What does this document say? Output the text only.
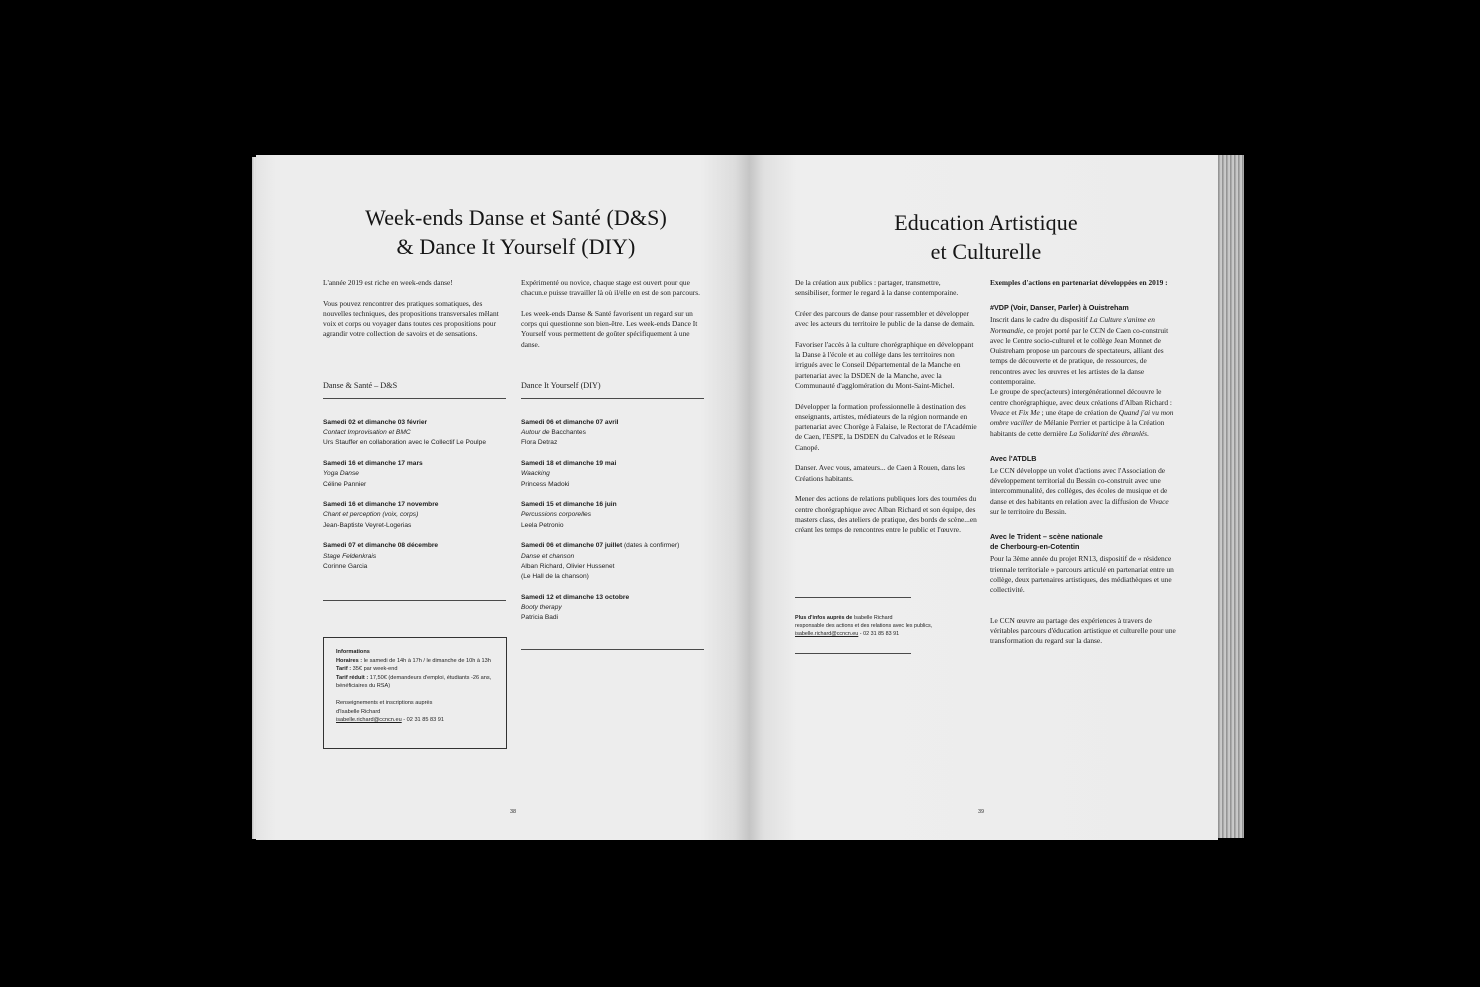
Week-ends Danse et Santé (D&S)
& Dance It Yourself (DIY)

L'année 2019 est riche en week-ends danse!

Vous pouvez rencontrer des pratiques somatiques, des nouvelles techniques, des propositions transversales mêlant voix et corps ou voyager dans toutes ces propositions pour agrandir votre collection de savoirs et de sensations.

Expérimenté ou novice, chaque stage est ouvert pour que chacun.e puisse travailler là où il/elle en est de son parcours.

Les week-ends Danse & Santé favorisent un regard sur un corps qui questionne son bien-être. Les week-ends Dance It Yourself vous permettent de goûter spécifiquement à une danse.

Danse & Santé – D&S
Samedi 02 et dimanche 03 février
Contact Improvisation et BMC
Urs Stauffer en collaboration avec le Collectif Le Poulpe
Samedi 16 et dimanche 17 mars
Yoga Danse
Céline Pannier
Samedi 16 et dimanche 17 novembre
Chant et perception (voix, corps)
Jean-Baptiste Veyret-Logerias
Samedi 07 et dimanche 08 décembre
Stage Feldenkrais
Corinne Garcia
Informations
Horaires : le samedi de 14h à 17h / le dimanche de 10h à 13h
Tarif : 35€ par week-end
Tarif réduit : 17,50€ (demandeurs d'emploi, étudiants -26 ans, bénéficiaires du RSA)
Renseignements et inscriptions auprès
d'Isabelle Richard
isabelle.richard@ccncn.eu - 02 31 85 83 91
Dance It Yourself (DIY)
Samedi 06 et dimanche 07 avril
Autour de Bacchantes
Flora Detraz
Samedi 18 et dimanche 19 mai
Waacking
Princess Madoki
Samedi 15 et dimanche 16 juin
Percussions corporelles
Leela Petronio
Samedi 06 et dimanche 07 juillet (dates à confirmer)
Danse et chanson
Alban Richard, Olivier Hussenet
(Le Hall de la chanson)
Samedi 12 et dimanche 13 octobre
Booty therapy
Patricia Badi
38
Education Artistique
et Culturelle

De la création aux publics : partager, transmettre, sensibiliser, former le regard à la danse contemporaine.

Créer des parcours de danse pour rassembler et développer avec les acteurs du territoire le public de la danse de demain.

Favoriser l'accès à la culture chorégraphique en développant la Danse à l'école et au collège dans les territoires non irrigués avec le Conseil Départemental de la Manche en partenariat avec la DSDEN de la Manche, avec la Communauté d'agglomération du Mont-Saint-Michel.

Développer la formation professionnelle à destination des enseignants, artistes, médiateurs de la région normande en partenariat avec Chorège à Falaise, le Rectorat de l'Académie de Caen, l'ESPE, la DSDEN du Calvados et le Réseau Canopé.

Danser. Avec vous, amateurs... de Caen à Rouen, dans les Créations habitants.

Mener des actions de relations publiques lors des tournées du centre chorégraphique avec Alban Richard et son équipe, des masters class, des ateliers de pratique, des bords de scène...en créant les temps de rencontres entre le public et l'œuvre.

Plus d'infos auprès de Isabelle Richard
responsable des actions et des relations avec les publics,
isabelle.richard@ccncn.eu - 02 31 85 83 91
Exemples d'actions en partenariat développées en 2019 :
#VDP (Voir, Danser, Parler) à Ouistreham

Inscrit dans le cadre du dispositif La Culture s'anime en Normandie, ce projet porté par le CCN de Caen co-construit avec le Centre socio-culturel et le collège Jean Monnet de Ouistreham propose un parcours de spectateurs, alliant des temps de découverte et de pratique, de ressources, de rencontres avec les œuvres et les artistes de la danse contemporaine.

Le groupe de spec(acteurs) intergénérationnel découvre le centre chorégraphique, avec deux créations d'Alban Richard : Vivace et Fix Me ; une étape de création de Quand j'ai vu mon ombre vaciller de Mélanie Perrier et participe à la Création habitants de cette dernière La Solidarité des ébranlés.

Avec l'ATDLB

Le CCN développe un volet d'actions avec l'Association de développement territorial du Bessin co-construit avec une intercommunalité, des collèges, des écoles de musique et de danse et des habitants en relation avec la diffusion de Vivace sur le territoire du Bessin.

Avec le Trident – scène nationale
de Cherbourg-en-Cotentin

Pour la 3ème année du projet RN13, dispositif de « résidence triennale territoriale » parcours articulé en partenariat entre un collège, deux partenaires artistiques, des médiathèques et une collectivité.

Le CCN œuvre au partage des expériences à travers de véritables parcours d'éducation artistique et culturelle pour une transformation du regard sur la danse.
39
